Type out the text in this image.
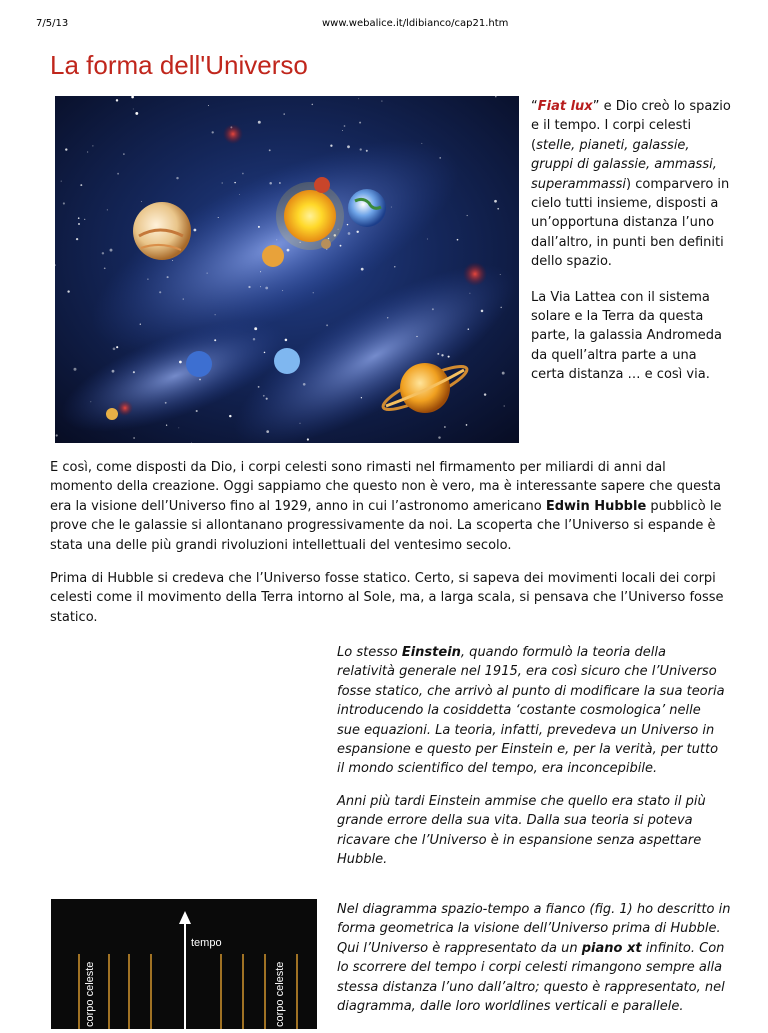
7/5/13	www.webalice.it/ldibianco/cap21.htm
La forma dell'Universo

“Fiat lux” e Dio creò lo spazio e il tempo. I corpi celesti (stelle, pianeti, galassie, gruppi di galassie, ammassi, superammassi) comparvero in cielo tutti insieme, disposti a un’opportuna distanza l’uno dall’altro, in punti ben definiti dello spazio.

La Via Lattea con il sistema solare e la Terra da questa parte, la galassia Andromeda da quell’altra parte a una certa distanza … e così via.

E così, come disposti da Dio, i corpi celesti sono rimasti nel firmamento per miliardi di anni dal momento della creazione. Oggi sappiamo che questo non è vero, ma è interessante sapere che questa era la visione dell’Universo fino al 1929, anno in cui l’astronomo americano Edwin Hubble pubblicò le prove che le galassie si allontanano progressivamente da noi. La scoperta che l’Universo si espande è stata una delle più grandi rivoluzioni intellettuali del ventesimo secolo.

Prima di Hubble si credeva che l’Universo fosse statico. Certo, si sapeva dei movimenti locali dei corpi celesti come il movimento della Terra intorno al Sole, ma, a larga scala, si pensava che l’Universo fosse statico.

Lo stesso Einstein, quando formulò la teoria della relatività generale nel 1915, era così sicuro che l’Universo fosse statico, che arrivò al punto di modificare la sua teoria introducendo la cosiddetta ‘costante cosmologica’ nelle sue equazioni. La teoria, infatti, prevedeva un Universo in espansione e questo per Einstein e, per la verità, per tutto il mondo scientifico del tempo, era inconcepibile.

Anni più tardi Einstein ammise che quello era stato il più grande errore della sua vita. Dalla sua teoria si poteva ricavare che l’Universo è in espansione senza aspettare Hubble.

tempo
corpo celeste	corpo celeste

Nel diagramma spazio-tempo a fianco (fig. 1) ho descritto in forma geometrica la visione dell’Universo prima di Hubble. Qui l’Universo è rappresentato da un piano xt infinito. Con lo scorrere del tempo i corpi celesti rimangono sempre alla stessa distanza l’uno dall’altro; questo è rappresentato, nel diagramma, dalle loro worldlines verticali e parallele.
